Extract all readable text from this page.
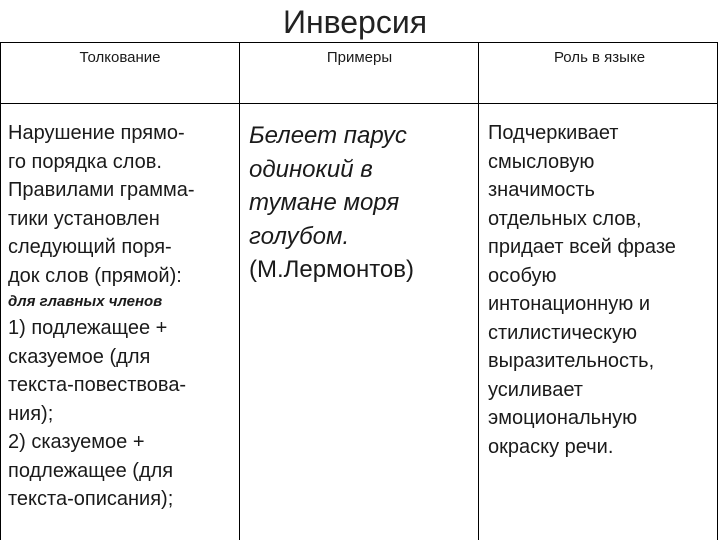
Инверсия
Толкование	Примеры	Роль в языке
Нарушение прямо-
го порядка слов.
Правилами грамма-
тики установлен
следующий поря-
док слов (прямой):
для главных членов
1) подлежащее +
сказуемое (для
текста-повествова-
ния);
2) сказуемое +
подлежащее (для
текста-описания);
Белеет парус
одинокий в
тумане моря
голубом.
(М.Лермонтов)
Подчеркивает
смысловую
значимость
отдельных слов,
придает всей фразе
особую
интонационную и
стилистическую
выразительность,
усиливает
эмоциональную
окраску речи.
